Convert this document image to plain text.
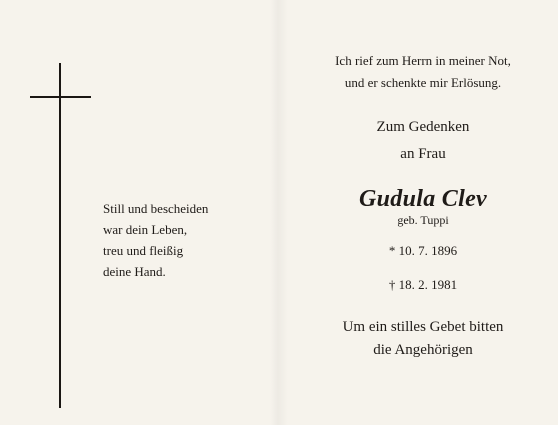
Still und bescheiden
war dein Leben,
treu und fleißig
deine Hand.
Ich rief zum Herrn in meiner Not,
und er schenkte mir Erlösung.
Zum Gedenken
an Frau
Gudula Clev
geb. Tuppi
* 10. 7. 1896
† 18. 2. 1981
Um ein stilles Gebet bitten
die Angehörigen
